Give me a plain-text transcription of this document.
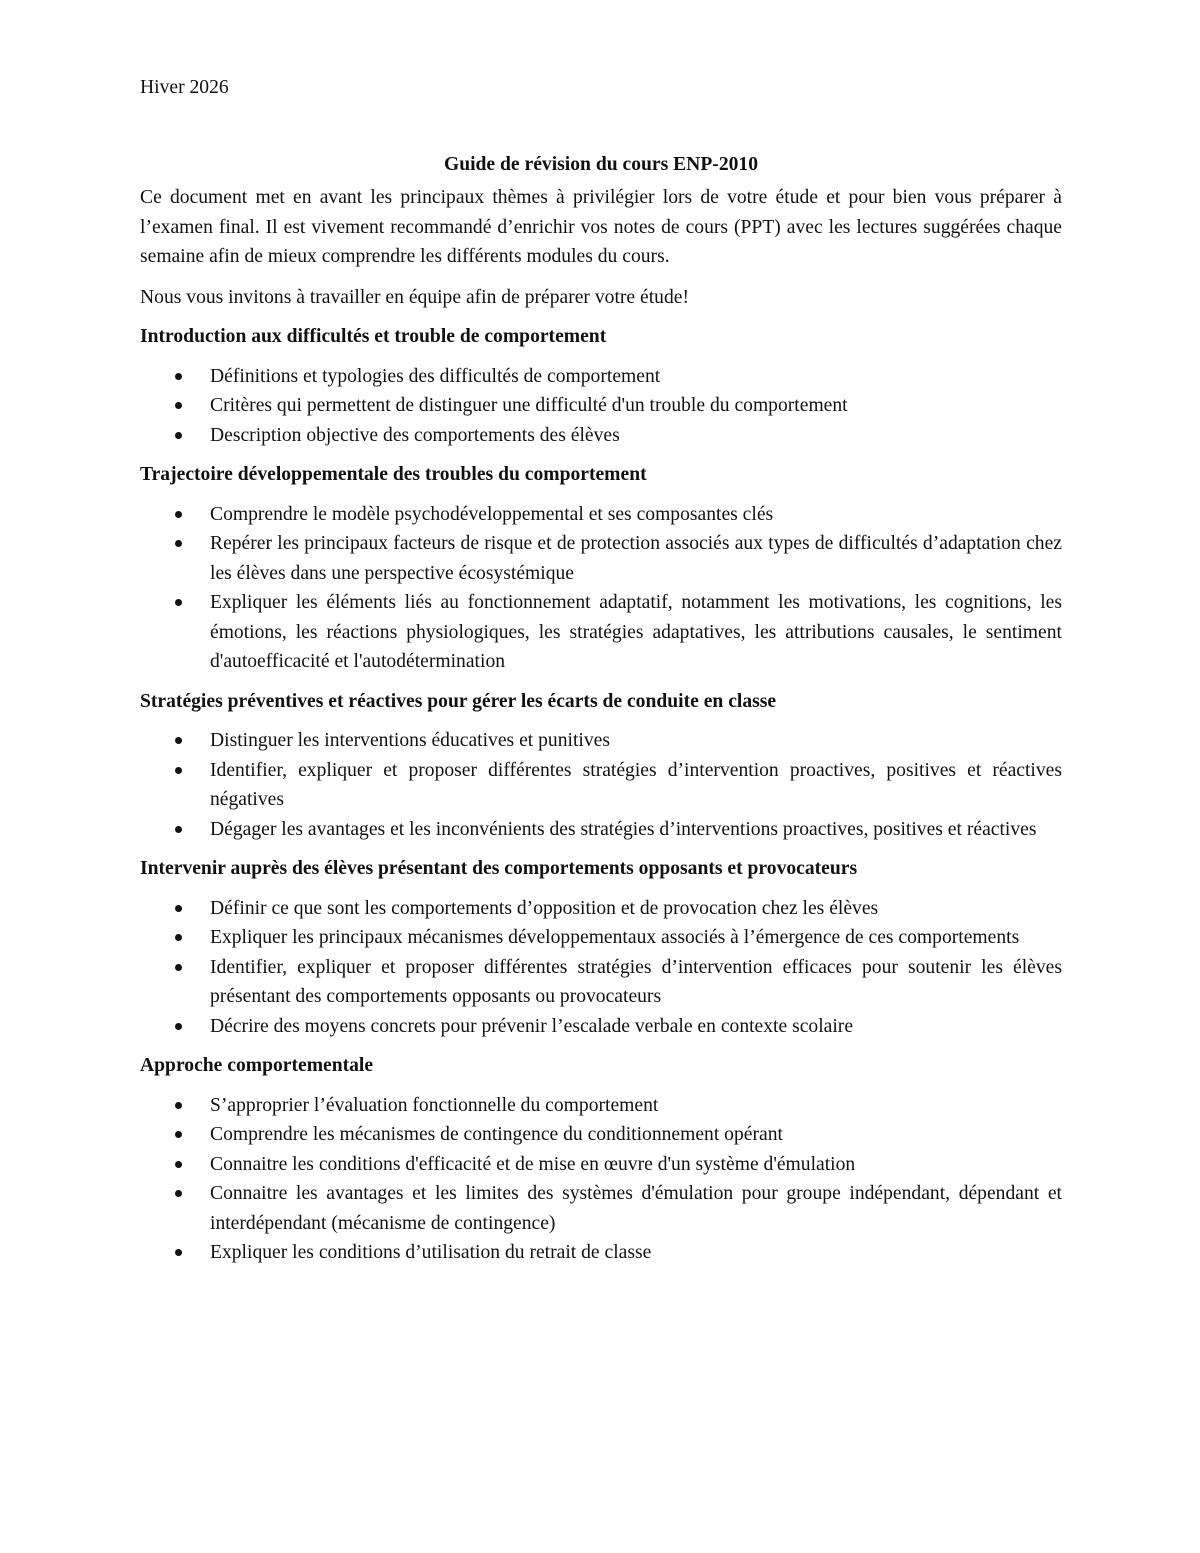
Hiver 2026

Guide de révision du cours ENP-2010

Ce document met en avant les principaux thèmes à privilégier lors de votre étude et pour bien vous préparer à l’examen final. Il est vivement recommandé d’enrichir vos notes de cours (PPT) avec les lectures suggérées chaque semaine afin de mieux comprendre les différents modules du cours.

Nous vous invitons à travailler en équipe afin de préparer votre étude!

Introduction aux difficultés et trouble de comportement

Définitions et typologies des difficultés de comportement
Critères qui permettent de distinguer une difficulté d'un trouble du comportement
Description objective des comportements des élèves

Trajectoire développementale des troubles du comportement

Comprendre le modèle psychodéveloppemental et ses composantes clés
Repérer les principaux facteurs de risque et de protection associés aux types de difficultés d’adaptation chez les élèves dans une perspective écosystémique
Expliquer les éléments liés au fonctionnement adaptatif, notamment les motivations, les cognitions, les émotions, les réactions physiologiques, les stratégies adaptatives, les attributions causales, le sentiment d'autoefficacité et l'autodétermination

Stratégies préventives et réactives pour gérer les écarts de conduite en classe

Distinguer les interventions éducatives et punitives
Identifier, expliquer et proposer différentes stratégies d’intervention proactives, positives et réactives négatives
Dégager les avantages et les inconvénients des stratégies d’interventions proactives, positives et réactives

Intervenir auprès des élèves présentant des comportements opposants et provocateurs

Définir ce que sont les comportements d’opposition et de provocation chez les élèves
Expliquer les principaux mécanismes développementaux associés à l’émergence de ces comportements
Identifier, expliquer et proposer différentes stratégies d’intervention efficaces pour soutenir les élèves présentant des comportements opposants ou provocateurs
Décrire des moyens concrets pour prévenir l’escalade verbale en contexte scolaire

Approche comportementale

S’approprier l’évaluation fonctionnelle du comportement
Comprendre les mécanismes de contingence du conditionnement opérant
Connaitre les conditions d'efficacité et de mise en œuvre d'un système d'émulation
Connaitre les avantages et les limites des systèmes d'émulation pour groupe indépendant, dépendant et interdépendant (mécanisme de contingence)
Expliquer les conditions d’utilisation du retrait de classe
